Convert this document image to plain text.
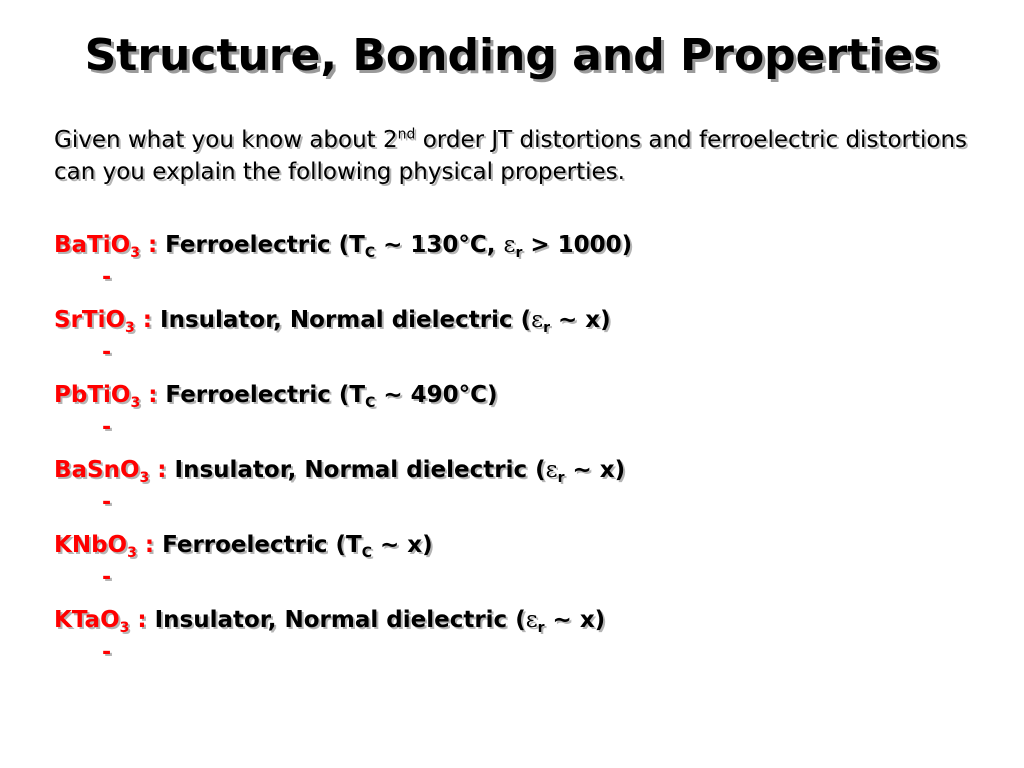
Structure, Bonding and Properties
Given what you know about 2nd order JT distortions and ferroelectric distortions can you explain the following physical properties.
BaTiO$_3$ : Ferroelectric ($T_C$ ~ 130°C, $\varepsilon_r > 1000$)
-
SrTiO$_3$ : Insulator, Normal dielectric ($\varepsilon_r$ ~ x)
-
PbTiO$_3$ : Ferroelectric ($T_C$ ~ 490°C)
-
BaSnO$_3$ : Insulator, Normal dielectric ($\varepsilon_r$ ~ x)
-
KNbO$_3$ : Ferroelectric ($T_C$ ~ x)
-
KTaO$_3$ : Insulator, Normal dielectric ($\varepsilon_r$ ~ x)
-
